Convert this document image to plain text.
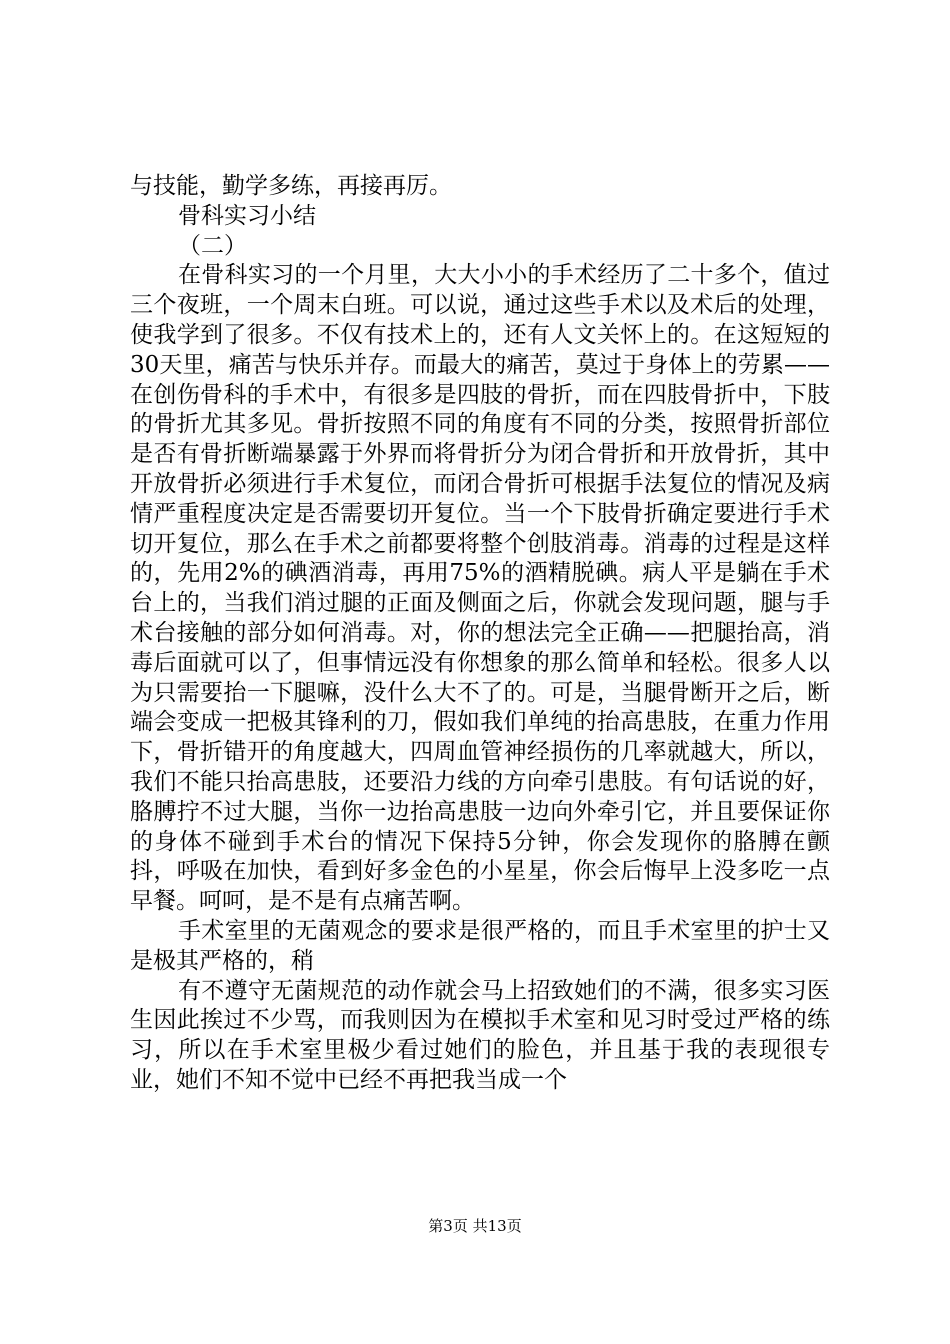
与技能，勤学多练，再接再厉。

骨科实习小结

（二）

在骨科实习的一个月里，大大小小的手术经历了二十多个，值过三个夜班，一个周末白班。可以说，通过这些手术以及术后的处理，使我学到了很多。不仅有技术上的，还有人文关怀上的。在这短短的30天里，痛苦与快乐并存。而最大的痛苦，莫过于身体上的劳累——在创伤骨科的手术中，有很多是四肢的骨折，而在四肢骨折中，下肢的骨折尤其多见。骨折按照不同的角度有不同的分类，按照骨折部位是否有骨折断端暴露于外界而将骨折分为闭合骨折和开放骨折，其中开放骨折必须进行手术复位，而闭合骨折可根据手法复位的情况及病情严重程度决定是否需要切开复位。当一个下肢骨折确定要进行手术切开复位，那么在手术之前都要将整个创肢消毒。消毒的过程是这样的，先用2%的碘酒消毒，再用75%的酒精脱碘。病人平是躺在手术台上的，当我们消过腿的正面及侧面之后，你就会发现问题，腿与手术台接触的部分如何消毒。对，你的想法完全正确——把腿抬高，消毒后面就可以了，但事情远没有你想象的那么简单和轻松。很多人以为只需要抬一下腿嘛，没什么大不了的。可是，当腿骨断开之后，断端会变成一把极其锋利的刀，假如我们单纯的抬高患肢，在重力作用下，骨折错开的角度越大，四周血管神经损伤的几率就越大，所以，我们不能只抬高患肢，还要沿力线的方向牵引患肢。有句话说的好，胳膊拧不过大腿，当你一边抬高患肢一边向外牵引它，并且要保证你的身体不碰到手术台的情况下保持5分钟，你会发现你的胳膊在颤抖，呼吸在加快，看到好多金色的小星星，你会后悔早上没多吃一点早餐。呵呵，是不是有点痛苦啊。

手术室里的无菌观念的要求是很严格的，而且手术室里的护士又是极其严格的，稍

有不遵守无菌规范的动作就会马上招致她们的不满，很多实习医生因此挨过不少骂，而我则因为在模拟手术室和见习时受过严格的练习，所以在手术室里极少看过她们的脸色，并且基于我的表现很专业，她们不知不觉中已经不再把我当成一个

第3页 共13页
